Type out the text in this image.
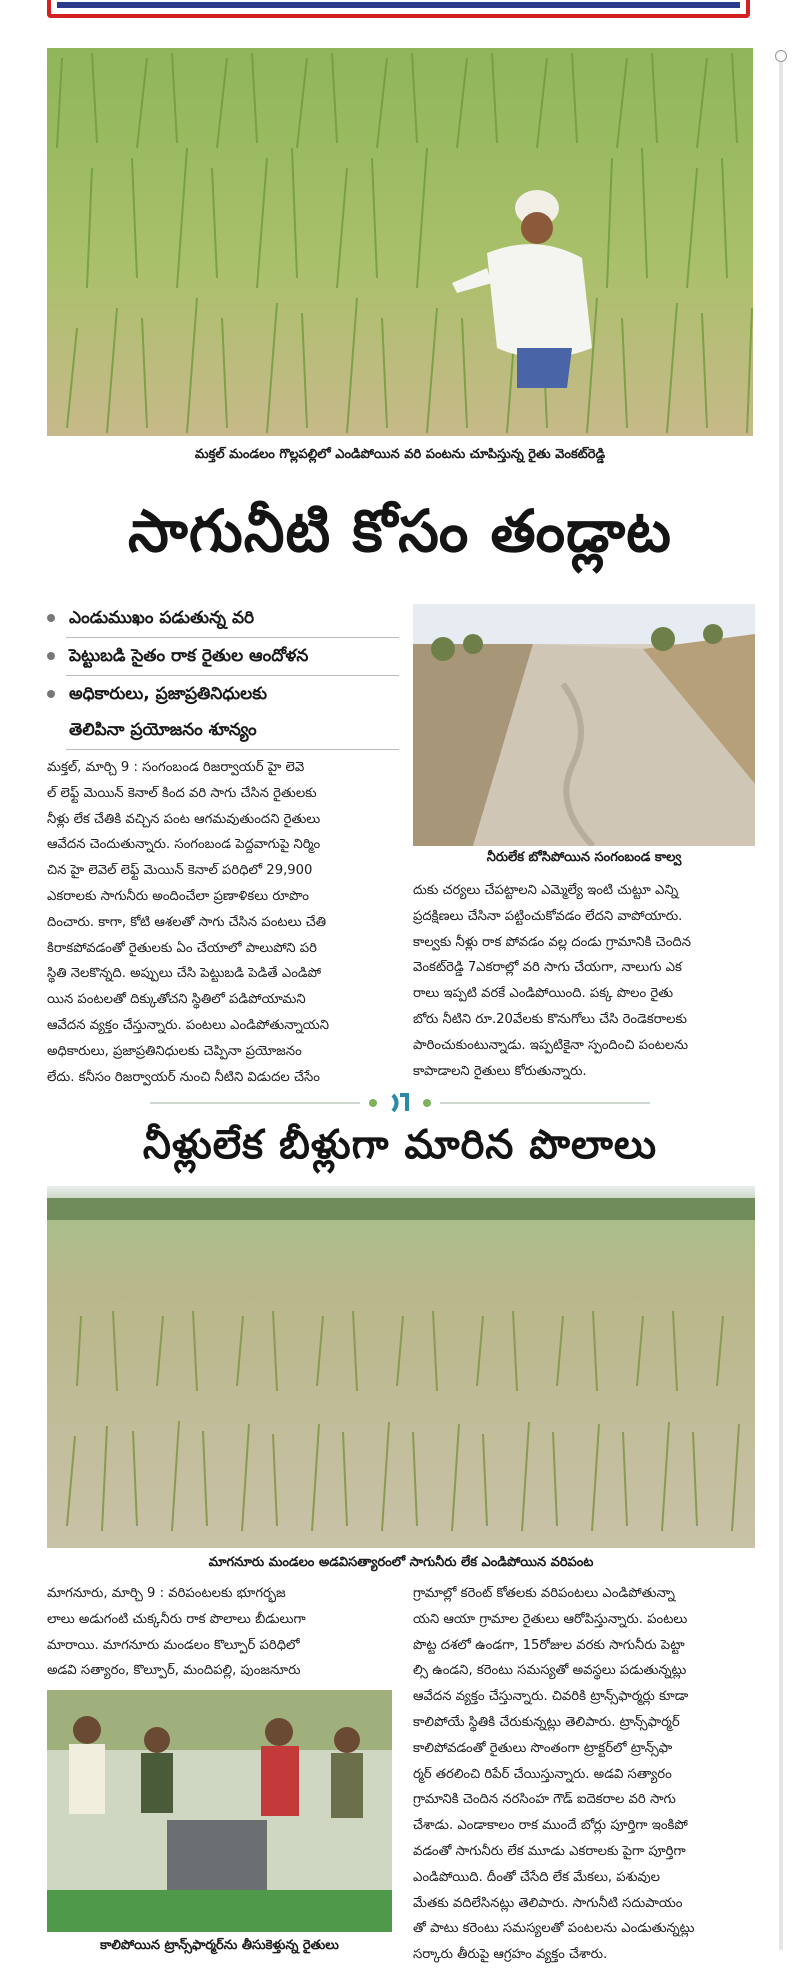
మక్తల్‌ మండలం గొల్లపల్లిలో ఎండిపోయిన వరి పంటను చూపిస్తున్న రైతు వెంకట్‌రెడ్డి
సాగునీటి కోసం తండ్లాట
ఎండుముఖం పడుతున్న వరి
పెట్టుబడి సైతం రాక రైతుల ఆందోళన
అధికారులు, ప్రజాప్రతినిధులకు
తెలిపినా ప్రయోజనం శూన్యం
నీరులేక బోసిపోయిన సంగంబండ కాల్వ
మక్తల్‌, మార్చి 9 : సంగంబండ రిజర్వాయర్‌ హై లెవె
ల్‌ లెఫ్ట్‌ మెయిన్‌ కెనాల్‌ కింద వరి సాగు చేసిన రైతులకు
నీళ్లు లేక చేతికి వచ్చిన పంట ఆగమవుతుందని రైతులు
ఆవేదన చెందుతున్నారు. సంగంబండ పెద్దవాగుపై నిర్మిం
చిన హై లెవెల్‌ లెఫ్ట్‌ మెయిన్‌ కెనాల్‌ పరిధిలో 29,900
ఎకరాలకు సాగునీరు అందించేలా ప్రణాళికలు రూపొం
దించారు. కాగా, కోటి ఆశలతో సాగు చేసిన పంటలు చేతి
కిరాకపోవడంతో రైతులకు ఏం చేయాలో పాలుపోని పరి
స్థితి నెలకొన్నది. అప్పులు చేసి పెట్టుబడి పెడితే ఎండిపో
యిన పంటలతో దిక్కుతోచని స్థితిలో పడిపోయామని
ఆవేదన వ్యక్తం చేస్తున్నారు. పంటలు ఎండిపోతున్నాయని
అధికారులు, ప్రజాప్రతినిధులకు చెప్పినా ప్రయోజనం
లేదు. కనీసం రిజర్వాయర్‌ నుంచి నీటిని విడుదల చేసేం
దుకు చర్యలు చేపట్టాలని ఎమ్మెల్యే ఇంటి చుట్టూ ఎన్ని
ప్రదక్షిణలు చేసినా పట్టించుకోవడం లేదని వాపోయారు.
కాల్వకు నీళ్లు రాక పోవడం వల్ల దండు గ్రామానికి చెందిన
వెంకట్‌రెడ్డి 7ఎకరాల్లో వరి సాగు చేయగా, నాలుగు ఎక
రాలు ఇప్పటి వరకే ఎండిపోయింది. పక్క పొలం రైతు
బోరు నీటిని రూ.20వేలకు కొనుగోలు చేసి రెండెకరాలకు
పారించుకుంటున్నాడు. ఇప్పటికైనా స్పందించి పంటలను
కాపాడాలని రైతులు కోరుతున్నారు.
నీళ్లులేక బీళ్లుగా మారిన పొలాలు
మాగనూరు మండలం అడవిసత్యారంలో సాగునీరు లేక ఎండిపోయిన వరిపంట
మాగనూరు, మార్చి 9 : వరిపంటలకు భూగర్భజ
లాలు అడుగంటి చుక్కనీరు రాక పొలాలు బీడులుగా
మారాయి. మాగనూరు మండలం కొల్పూర్‌ పరిధిలో
అడవి సత్యారం, కొల్పూర్‌, మందిపల్లి, పుంజనూరు
కాలిపోయిన ట్రాన్స్‌ఫార్మర్‌ను తీసుకెళ్తున్న రైతులు
గ్రామాల్లో కరెంట్‌ కోతలకు వరిపంటలు ఎండిపోతున్నా
యని ఆయా గ్రామాల రైతులు ఆరోపిస్తున్నారు. పంటలు
పొట్ట దశలో ఉండగా, 15రోజుల వరకు సాగునీరు పెట్టా
ల్సి ఉండని, కరెంటు సమస్యతో అవస్థలు పడుతున్నట్లు
ఆవేదన వ్యక్తం చేస్తున్నారు. చివరికి ట్రాన్స్‌ఫార్మర్లు కూడా
కాలిపోయే స్థితికి చేరుకున్నట్లు తెలిపారు. ట్రాన్స్‌ఫార్మర్‌
కాలిపోవడంతో రైతులు సొంతంగా ట్రాక్టర్‌లో ట్రాన్స్‌ఫా
ర్మర్‌ తరలించి రిపేర్‌ చేయిస్తున్నారు. అడవి సత్యారం
గ్రామానికి చెందిన నరసింహ గౌడ్‌ ఐదెకరాల వరి సాగు
చేశాడు. ఎండాకాలం రాక ముందే బోర్లు పూర్తిగా ఇంకిపో
వడంతో సాగునీరు లేక మూడు ఎకరాలకు పైగా పూర్తిగా
ఎండిపోయిది. దీంతో చేసేది లేక మేకలు, పశువుల
మేతకు వదిలేసినట్లు తెలిపారు. సాగునీటి సదుపాయం
తో పాటు కరెంటు సమస్యలతో పంటలను ఎండుతున్నట్లు
సర్కారు తీరుపై ఆగ్రహం వ్యక్తం చేశారు.
